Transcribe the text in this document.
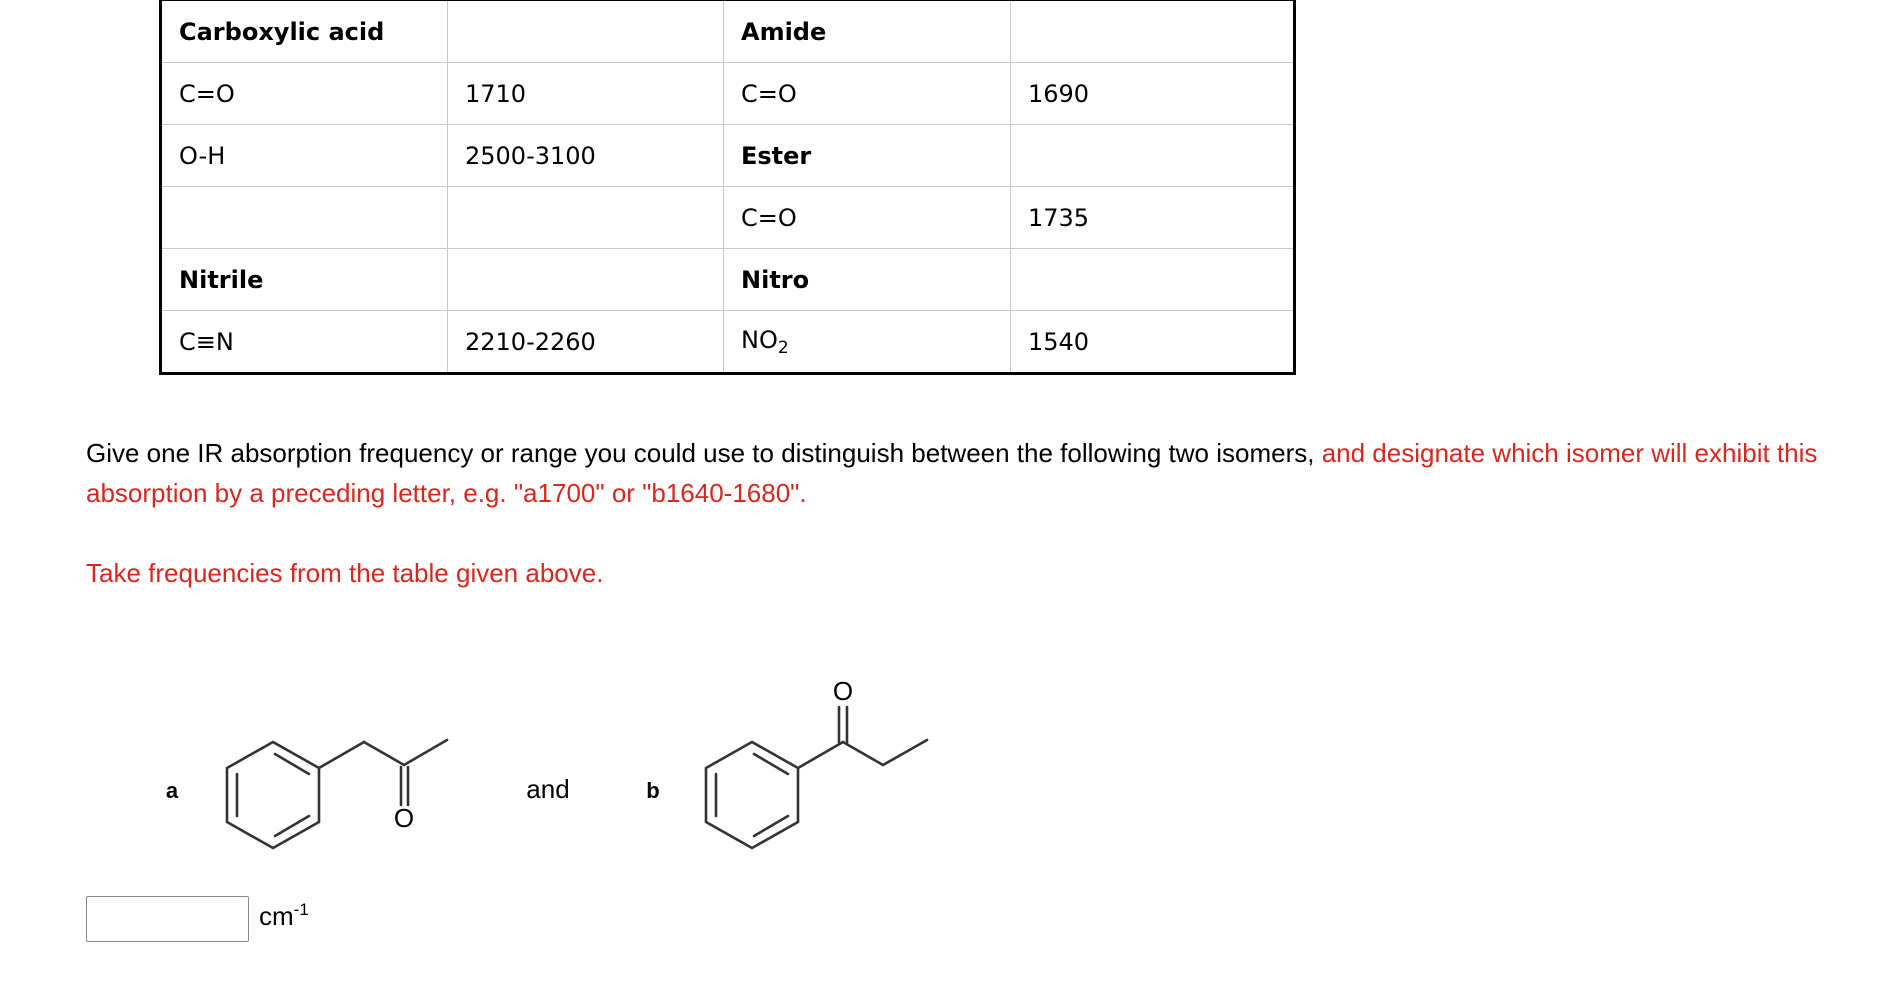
Carboxylic acid		Amide	
C=O	1710	C=O	1690
O-H	2500-3100	Ester	
		C=O	1735
Nitrile		Nitro	
C≡N	2210-2260	$NO_2$	1540
Give one IR absorption frequency or range you could use to distinguish between the following two isomers, and designate which isomer will exhibit this absorption by a preceding letter, e.g. "a1700" or "b1640-1680".
Take frequencies from the table given above.
a
O
and	b
O
$cm^{-1}$
